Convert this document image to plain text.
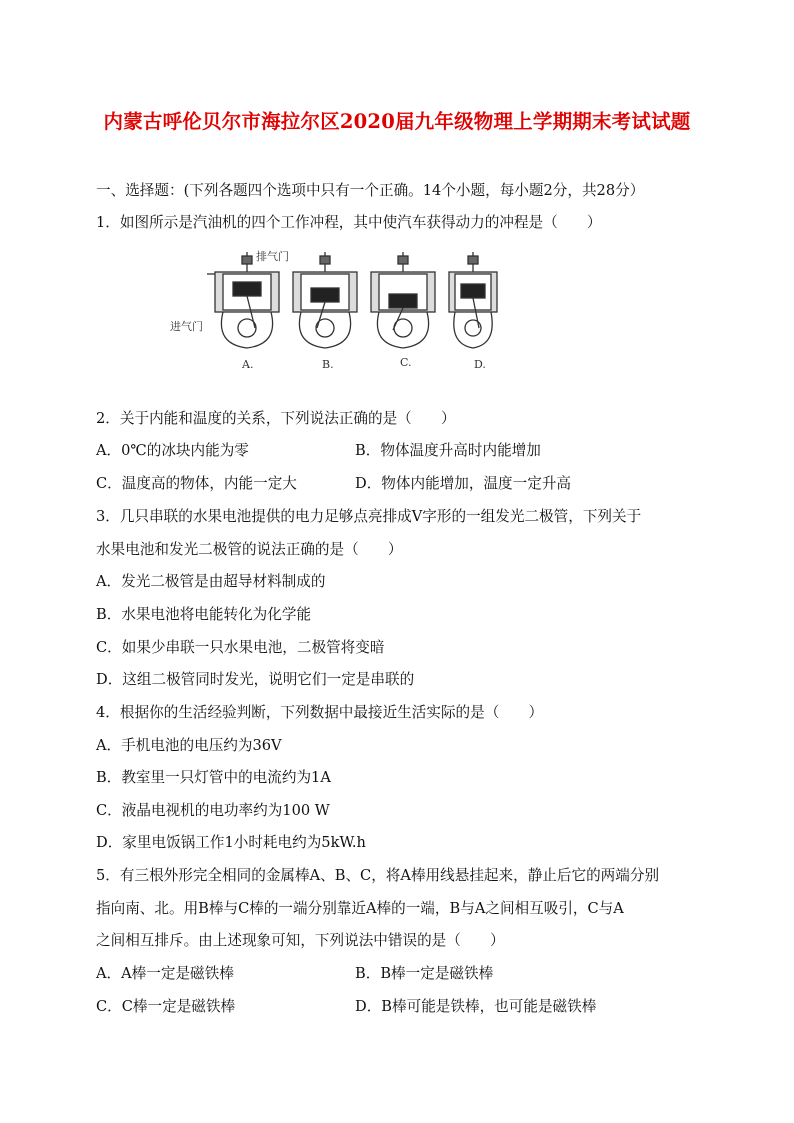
内蒙古呼伦贝尔市海拉尔区2020届九年级物理上学期期末考试试题
一、选择题：(下列各题四个选项中只有一个正确。14个小题，每小题2分，共28分）
1．如图所示是汽油机的四个工作冲程，其中使汽车获得动力的冲程是（　　）
排气门
进气门
A.	B.	C.	D.
2．关于内能和温度的关系，下列说法正确的是（　　）
A．0℃的冰块内能为零	B．物体温度升高时内能增加
C．温度高的物体，内能一定大	D．物体内能增加，温度一定升高
3．几只串联的水果电池提供的电力足够点亮排成V字形的一组发光二极管，下列关于
水果电池和发光二极管的说法正确的是（　　）
A．发光二极管是由超导材料制成的
B．水果电池将电能转化为化学能
C．如果少串联一只水果电池，二极管将变暗
D．这组二极管同时发光，说明它们一定是串联的
4．根据你的生活经验判断，下列数据中最接近生活实际的是（　　）
A．手机电池的电压约为36V
B．教室里一只灯管中的电流约为1A
C．液晶电视机的电功率约为100 W
D．家里电饭锅工作1小时耗电约为5kW.h
5．有三根外形完全相同的金属棒A、B、C，将A棒用线悬挂起来，静止后它的两端分别
指向南、北。用B棒与C棒的一端分别靠近A棒的一端，B与A之间相互吸引，C与A
之间相互排斥。由上述现象可知，下列说法中错误的是（　　）
A．A棒一定是磁铁棒	B．B棒一定是磁铁棒
C．C棒一定是磁铁棒	D．B棒可能是铁棒，也可能是磁铁棒
